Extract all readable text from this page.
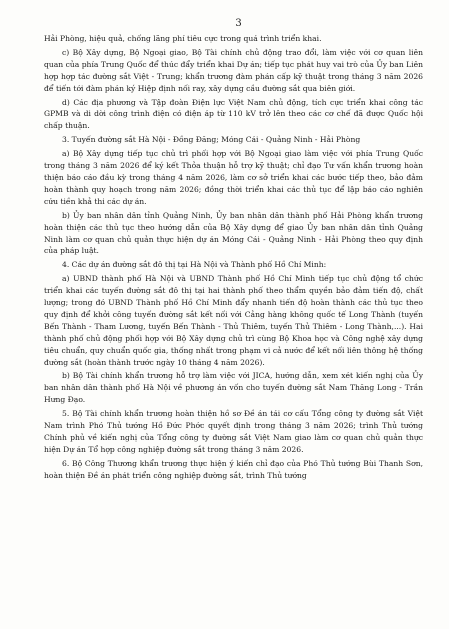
3

Hải Phòng, hiệu quả, chống lãng phí tiêu cực trong quá trình triển khai.

c) Bộ Xây dựng, Bộ Ngoại giao, Bộ Tài chính chủ động trao đổi, làm việc với cơ quan liên quan của phía Trung Quốc để thúc đẩy triển khai Dự án; tiếp tục phát huy vai trò của Ủy ban Liên hợp hợp tác đường sắt Việt - Trung; khẩn trương đàm phán cấp kỹ thuật trong tháng 3 năm 2026 để tiến tới đàm phán ký Hiệp định nối ray, xây dựng cầu đường sắt qua biên giới.

d) Các địa phương và Tập đoàn Điện lực Việt Nam chủ động, tích cực triển khai công tác GPMB và di dời công trình điện có điện áp từ 110 kV trở lên theo các cơ chế đã được Quốc hội chấp thuận.

3. Tuyến đường sắt Hà Nội - Đồng Đăng; Móng Cái - Quảng Ninh - Hải Phòng

a) Bộ Xây dựng tiếp tục chủ trì phối hợp với Bộ Ngoại giao làm việc với phía Trung Quốc trong tháng 3 năm 2026 để ký kết Thỏa thuận hỗ trợ kỹ thuật; chỉ đạo Tư vấn khẩn trương hoàn thiện báo cáo đầu kỳ trong tháng 4 năm 2026, làm cơ sở triển khai các bước tiếp theo, bảo đảm hoàn thành quy hoạch trong năm 2026; đồng thời triển khai các thủ tục để lập báo cáo nghiên cứu tiền khả thi các dự án.

b) Ủy ban nhân dân tỉnh Quảng Ninh, Ủy ban nhân dân thành phố Hải Phòng khẩn trương hoàn thiện các thủ tục theo hướng dẫn của Bộ Xây dựng để giao Ủy ban nhân dân tỉnh Quảng Ninh làm cơ quan chủ quản thực hiện dự án Móng Cái - Quảng Ninh - Hải Phòng theo quy định của pháp luật.

4. Các dự án đường sắt đô thị tại Hà Nội và Thành phố Hồ Chí Minh:

a) UBND thành phố Hà Nội và UBND Thành phố Hồ Chí Minh tiếp tục chủ động tổ chức triển khai các tuyến đường sắt đô thị tại hai thành phố theo thẩm quyền bảo đảm tiến độ, chất lượng; trong đó UBND Thành phố Hồ Chí Minh đẩy nhanh tiến độ hoàn thành các thủ tục theo quy định để khởi công tuyến đường sắt kết nối với Cảng hàng không quốc tế Long Thành (tuyến Bến Thành - Tham Lương, tuyến Bến Thành - Thủ Thiêm, tuyến Thủ Thiêm - Long Thành,...). Hai thành phố chủ động phối hợp với Bộ Xây dựng chủ trì cùng Bộ Khoa học và Công nghệ xây dựng tiêu chuẩn, quy chuẩn quốc gia, thống nhất trong phạm vi cả nước để kết nối liên thông hệ thống đường sắt (hoàn thành trước ngày 10 tháng 4 năm 2026).

b) Bộ Tài chính khẩn trương hỗ trợ làm việc với JICA, hướng dẫn, xem xét kiến nghị của Ủy ban nhân dân thành phố Hà Nội về phương án vốn cho tuyến đường sắt Nam Thăng Long - Trần Hưng Đạo.

5. Bộ Tài chính khẩn trương hoàn thiện hồ sơ Đề án tái cơ cấu Tổng công ty đường sắt Việt Nam trình Phó Thủ tướng Hồ Đức Phớc quyết định trong tháng 3 năm 2026; trình Thủ tướng Chính phủ về kiến nghị của Tổng công ty đường sắt Việt Nam giao làm cơ quan chủ quản thực hiện Dự án Tổ hợp công nghiệp đường sắt trong tháng 3 năm 2026.

6. Bộ Công Thương khẩn trương thực hiện ý kiến chỉ đạo của Phó Thủ tướng Bùi Thanh Sơn, hoàn thiện Đề án phát triển công nghiệp đường sắt, trình Thủ tướng
